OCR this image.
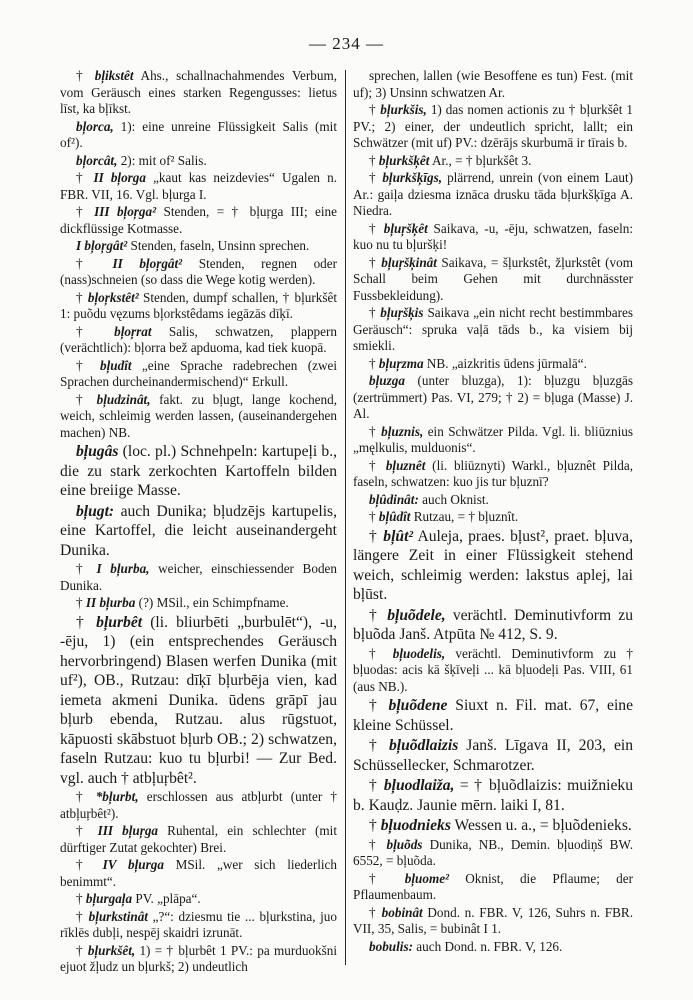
— 234 —

† bļikstêt Ahs., schallnachahmendes Verbum, vom Geräusch eines starken Regengusses: lietus līst, ka bļīkst.

bļorca, 1): eine unreine Flüssigkeit Salis (mit of²).

bļorcât, 2): mit of² Salis.

† II bļorga „kaut kas neizdevies“ Ugalen n. FBR. VII, 16. Vgl. bļurga I.

† III bļoŗga² Stenden, = † bļuŗga III; eine dickflüssige Kotmasse.

I bļoŗgât² Stenden, faseln, Unsinn sprechen.

† II bļoŗgât² Stenden, regnen oder (nass)schneien (so dass die Wege kotig werden).

† bļoŗkstêt² Stenden, dumpf schallen, † bļurkšêt 1: puõdu vęzums bļorkstêdams iegāzās dīķī.

† bļoŗrat Salis, schwatzen, plappern (verächtlich): bļorra bež apduoma, kad tiek kuopā.

† bļudît „eine Sprache radebrechen (zwei Sprachen durcheinandermischend)“ Erkull.

† bļudzinât, fakt. zu bļugt, lange kochend, weich, schleimig werden lassen, (auseinandergehen machen) NB.

bļugâs (loc. pl.) Schnehpeln: kartupeļi b., die zu stark zerkochten Kartoffeln bilden eine breiige Masse.

bļugt: auch Dunika; bļudzējs kartupelis, eine Kartoffel, die leicht auseinandergeht Dunika.

† I bļurba, weicher, einschiessender Boden Dunika.

† II bļurba (?) MSil., ein Schimpfname.

† bļurbêt (li. bliurbēti „burbulēt“), -u, -ēju, 1) (ein entsprechendes Geräusch hervorbringend) Blasen werfen Dunika (mit uf²), OB., Rutzau: dīķī bļurbēja vien, kad iemeta akmeni Dunika. ūdens grāpī jau bļurb ebenda, Rutzau. alus rūgstuot, kāpuosti skābstuot bļurb OB.; 2) schwatzen, faseln Rutzau: kuo tu bļurbi! — Zur Bed. vgl. auch † atbļuŗbêt².

† *bļurbt, erschlossen aus atbļurbt (unter † atbļuŗbêt²).

† III bļuŗga Ruhental, ein schlechter (mit dürftiger Zutat gekochter) Brei.

† IV bļurga MSil. „wer sich liederlich benimmt“.

† bļurgaļa PV. „plāpa“.

† bļurkstinât „?“: dziesmu tie ... bļurkstina, juo rīklēs dubļi, nespēj skaidri izrunāt.

† bļurkšêt, 1) = † bļurbêt 1 PV.: pa murduokšni ejuot žļudz un bļurkš; 2) undeutlich

sprechen, lallen (wie Besoffene es tun) Fest. (mit uf); 3) Unsinn schwatzen Ar.

† bļurkšis, 1) das nomen actionis zu † bļurkšêt 1 PV.; 2) einer, der undeutlich spricht, lallt; ein Schwätzer (mit uf) PV.: dzērājs skurbumā ir tīrais b.

† bļurkšķêt Ar., = † bļurkšêt 3.

† bļurkšķīgs, plärrend, unrein (von einem Laut) Ar.: gaiļa dziesma iznāca drusku tāda bļurkšķīga A. Niedra.

† bļuŗšķêt Saikava, -u, -ēju, schwatzen, faseln: kuo nu tu bļuršķi!

† bļuŗšķinât Saikava, = šļurkstêt, žļurkstêt (vom Schall beim Gehen mit durchnässter Fussbekleidung).

† bļuŗšķis Saikava „ein nicht recht bestimmbares Geräusch“: spruka vaļā tāds b., ka visiem bij smiekli.

† bļuŗzma NB. „aizkritis ūdens jūrmalā“.

bļuzga (unter bluzga), 1): bļuzgu bļuzgās (zertrümmert) Pas. VI, 279; † 2) = bļuga (Masse) J. Al.

† bļuznis, ein Schwätzer Pilda. Vgl. li. bliūznius „męlkulis, mulduonis“.

† bļuznêt (li. bliūznyti) Warkl., bļuznêt Pilda, faseln, schwatzen: kuo jis tur bļuznī?

bļûdinât: auch Oknist.

† bļûdît Rutzau, = † bļuznît.

† bļût² Auleja, praes. bļust², praet. bļuva, längere Zeit in einer Flüssigkeit stehend weich, schleimig werden: lakstus aplej, lai bļūst.

† bļuõdele, verächtl. Deminutivform zu bļuõda Janš. Atpūta № 412, S. 9.

† bļuodelis, verächtl. Deminutivform zu † bļuodas: acis kā šķīveļi ... kā bļuodeļi Pas. VIII, 61 (aus NB.).

† bļuõdene Siuxt n. Fil. mat. 67, eine kleine Schüssel.

† bļuõdlaizis Janš. Līgava II, 203, ein Schüssellecker, Schmarotzer.

† bļuodlaiža, = † bļuõdlaizis: muižnieku b. Kauḍz. Jaunie mērn. laiki I, 81.

† bļuodnieks Wessen u. a., = bļuõdenieks.

† bļuõds Dunika, NB., Demin. bļuodiņš BW. 6552, = bļuõda.

† bļuome² Oknist, die Pflaume; der Pflaumenbaum.

† bobinât Dond. n. FBR. V, 126, Suhrs n. FBR. VII, 35, Salis, = bubinât I 1.

bobulis: auch Dond. n. FBR. V, 126.
